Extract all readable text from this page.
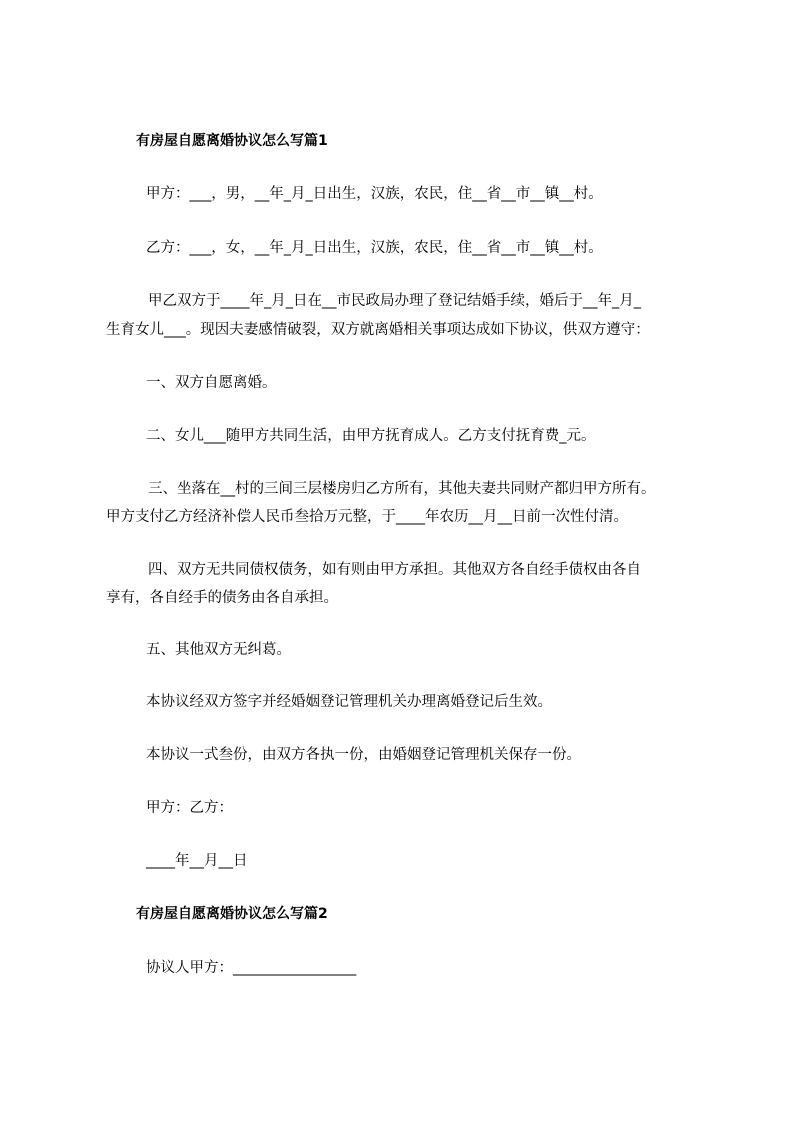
有房屋自愿离婚协议怎么写篇1

甲方：___，男，__年_月_日出生，汉族，农民，住__省__市__镇__村。

乙方：___，女，__年_月_日出生，汉族，农民，住__省__市__镇__村。

甲乙双方于____年_月_日在__市民政局办理了登记结婚手续，婚后于__年_月_

生育女儿___。现因夫妻感情破裂，双方就离婚相关事项达成如下协议，供双方遵守：

一、双方自愿离婚。

二、女儿___随甲方共同生活，由甲方抚育成人。乙方支付抚育费_元。

三、坐落在__村的三间三层楼房归乙方所有，其他夫妻共同财产都归甲方所有。

甲方支付乙方经济补偿人民币叁拾万元整，于____年农历__月__日前一次性付清。

四、双方无共同债权债务，如有则由甲方承担。其他双方各自经手债权由各自

享有，各自经手的债务由各自承担。

五、其他双方无纠葛。

本协议经双方签字并经婚姻登记管理机关办理离婚登记后生效。

本协议一式叁份，由双方各执一份，由婚姻登记管理机关保存一份。

甲方：乙方：

____年__月__日

有房屋自愿离婚协议怎么写篇2

协议人甲方：_________________
